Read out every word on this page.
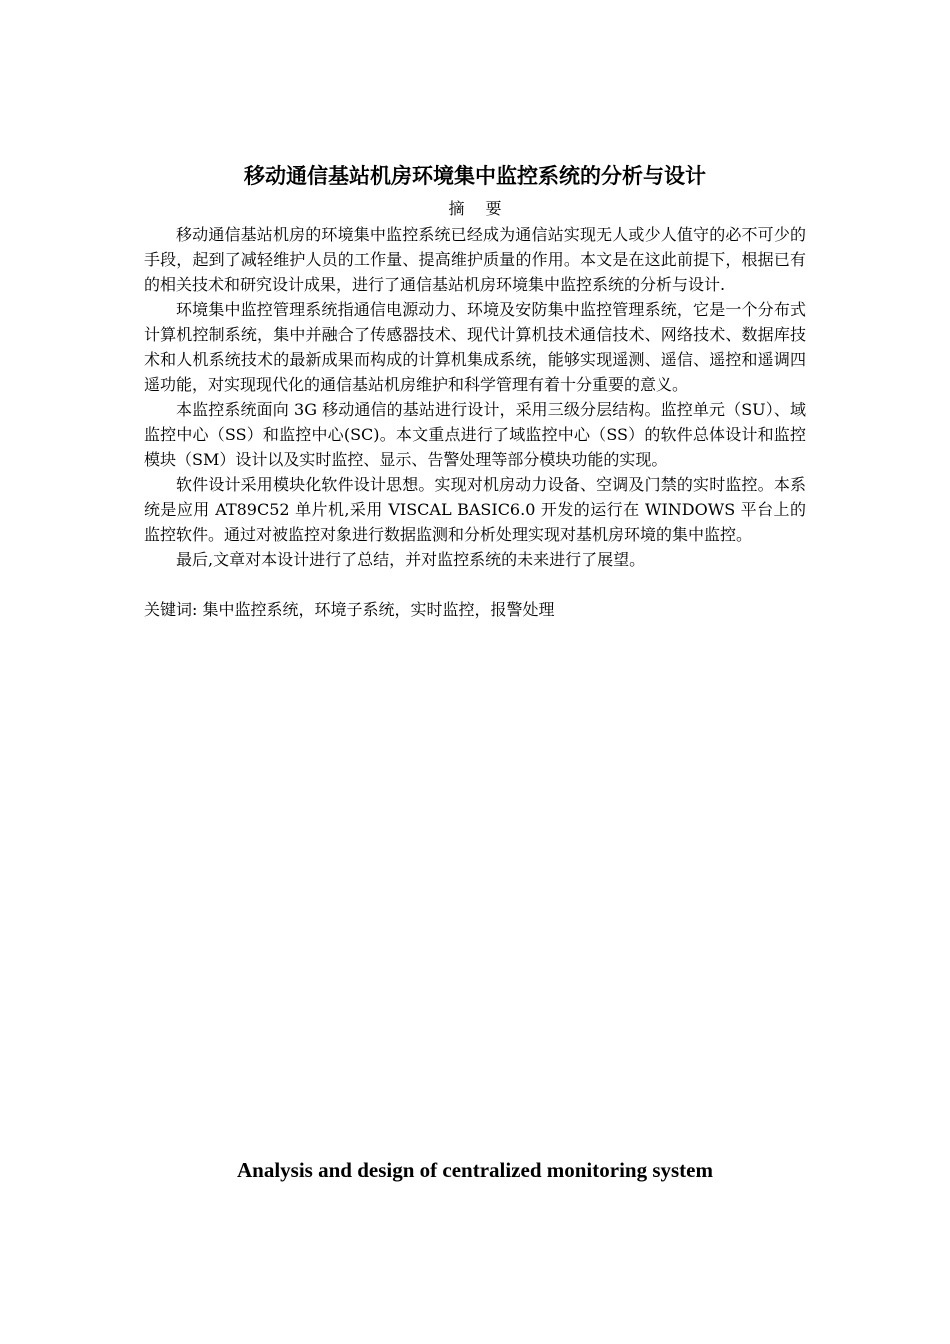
移动通信基站机房环境集中监控系统的分析与设计
摘 要

移动通信基站机房的环境集中监控系统已经成为通信站实现无人或少人值守的必不可少的手段，起到了减轻维护人员的工作量、提高维护质量的作用。本文是在这此前提下，根据已有的相关技术和研究设计成果，进行了通信基站机房环境集中监控系统的分析与设计.

环境集中监控管理系统指通信电源动力、环境及安防集中监控管理系统，它是一个分布式计算机控制系统，集中并融合了传感器技术、现代计算机技术通信技术、网络技术、数据库技术和人机系统技术的最新成果而构成的计算机集成系统，能够实现遥测、遥信、遥控和遥调四遥功能，对实现现代化的通信基站机房维护和科学管理有着十分重要的意义。

本监控系统面向 3G 移动通信的基站进行设计，采用三级分层结构。监控单元（SU）、域监控中心（SS）和监控中心(SC)。本文重点进行了域监控中心（SS）的软件总体设计和监控模块（SM）设计以及实时监控、显示、告警处理等部分模块功能的实现。

软件设计采用模块化软件设计思想。实现对机房动力设备、空调及门禁的实时监控。本系统是应用 AT89C52 单片机,采用 VISCAL BASIC6.0 开发的运行在 WINDOWS 平台上的监控软件。通过对被监控对象进行数据监测和分析处理实现对基机房环境的集中监控。

最后,文章对本设计进行了总结，并对监控系统的未来进行了展望。

关键词: 集中监控系统，环境子系统，实时监控，报警处理
Analysis and design of centralized monitoring system
